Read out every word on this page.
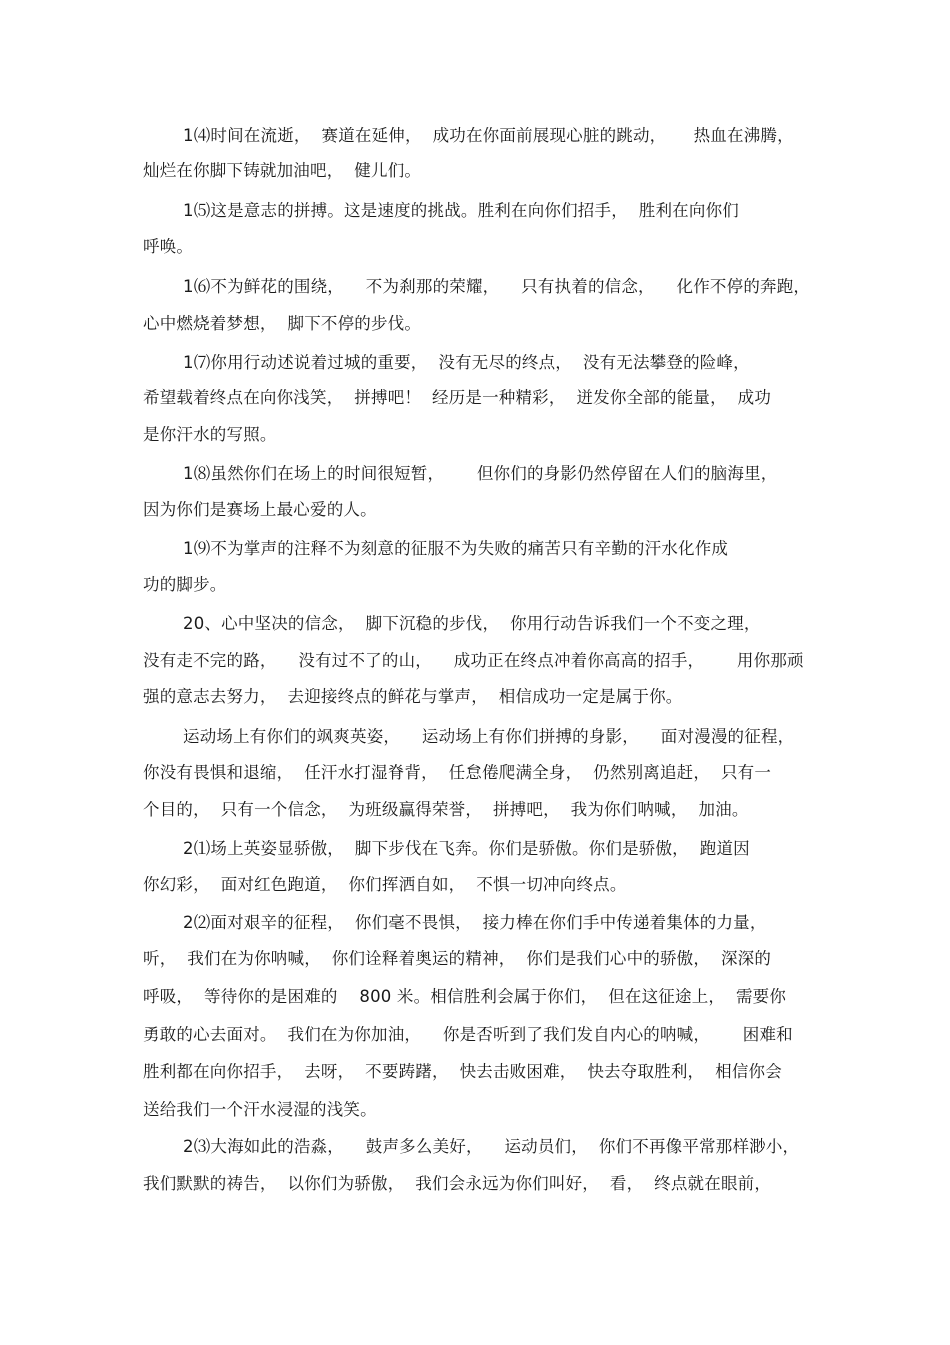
1⑷时间在流逝，  赛道在延伸，  成功在你面前展现心脏的跳动，     热血在沸腾，
灿烂在你脚下铸就加油吧，  健儿们。
1⑸这是意志的拼搏。这是速度的挑战。胜利在向你们招手，  胜利在向你们
呼唤。
1⑹不为鲜花的围绕，    不为刹那的荣耀，    只有执着的信念，    化作不停的奔跑，
心中燃烧着梦想，  脚下不停的步伐。
1⑺你用行动述说着过城的重要，  没有无尽的终点，  没有无法攀登的险峰，
希望载着终点在向你浅笑，  拼搏吧！  经历是一种精彩，  迸发你全部的能量，  成功
是你汗水的写照。
1⑻虽然你们在场上的时间很短暂，      但你们的身影仍然停留在人们的脑海里，
因为你们是赛场上最心爱的人。
1⑼不为掌声的注释不为刻意的征服不为失败的痛苦只有辛勤的汗水化作成
功的脚步。
20、心中坚决的信念，  脚下沉稳的步伐，  你用行动告诉我们一个不变之理，
没有走不完的路，    没有过不了的山，    成功正在终点冲着你高高的招手，      用你那顽
强的意志去努力，  去迎接终点的鲜花与掌声，  相信成功一定是属于你。
运动场上有你们的飒爽英姿，    运动场上有你们拼搏的身影，    面对漫漫的征程，
你没有畏惧和退缩，  任汗水打湿脊背，  任怠倦爬满全身，  仍然别离追赶，  只有一
个目的，  只有一个信念，  为班级赢得荣誉，  拼搏吧，  我为你们呐喊，  加油。
2⑴场上英姿显骄傲，  脚下步伐在飞奔。你们是骄傲。你们是骄傲，  跑道因
你幻彩，  面对红色跑道，  你们挥洒自如，  不惧一切冲向终点。
2⑵面对艰辛的征程，  你们毫不畏惧，  接力棒在你们手中传递着集体的力量，
听，  我们在为你呐喊，  你们诠释着奥运的精神，  你们是我们心中的骄傲，  深深的
呼吸，  等待你的是困难的    800 米。相信胜利会属于你们，  但在这征途上，  需要你
勇敢的心去面对。  我们在为你加油，    你是否听到了我们发自内心的呐喊，      困难和
胜利都在向你招手，  去呀，  不要踌躇，  快去击败困难，  快去夺取胜利，  相信你会
送给我们一个汗水浸湿的浅笑。
2⑶大海如此的浩淼，    鼓声多么美好，    运动员们，  你们不再像平常那样渺小，
我们默默的祷告，  以你们为骄傲，  我们会永远为你们叫好，  看，  终点就在眼前，
